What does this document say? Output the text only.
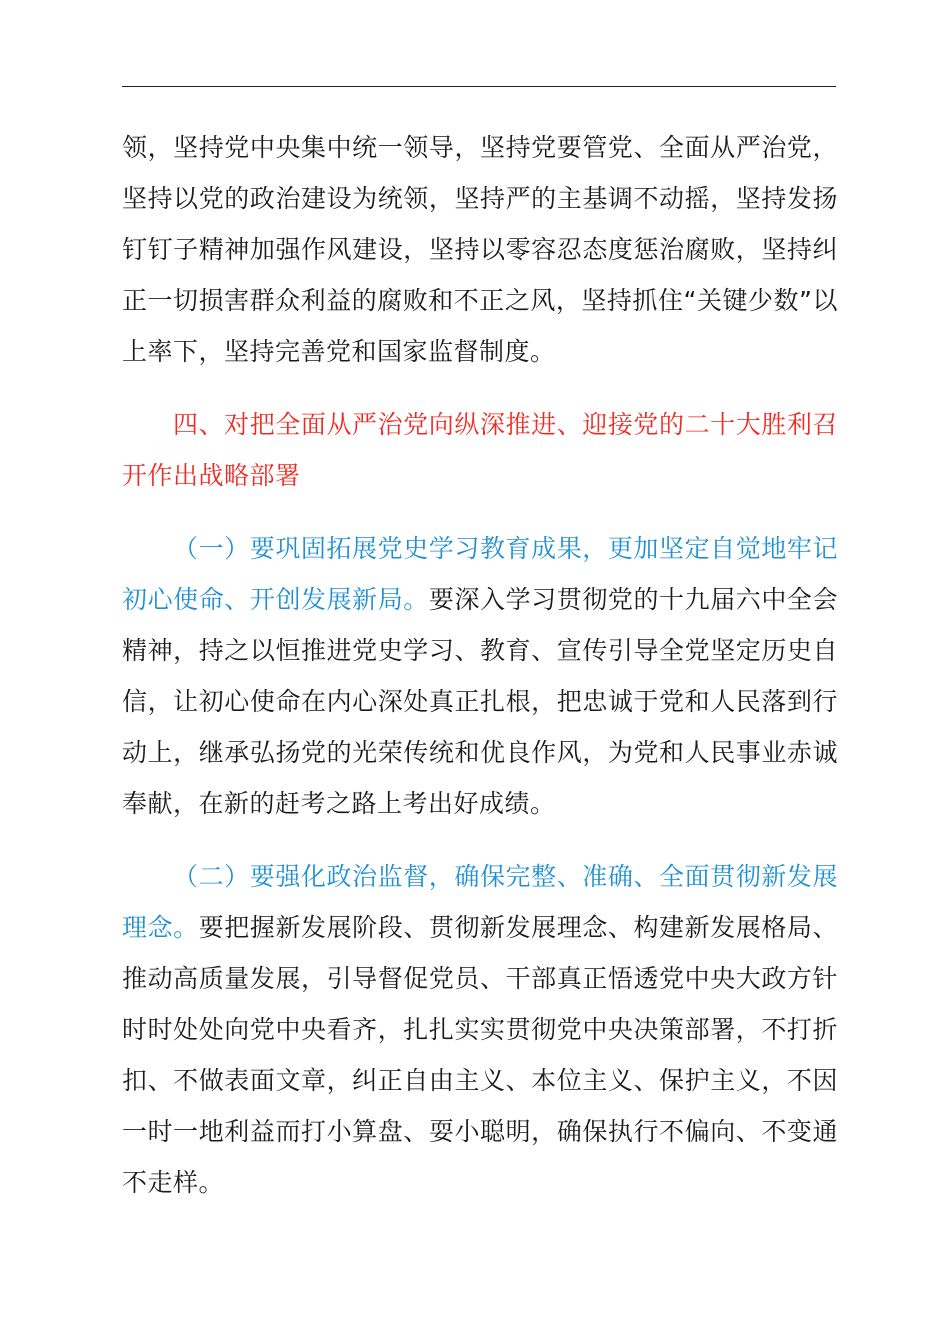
领，坚持党中央集中统一领导，坚持党要管党、全面从严治党，坚持以党的政治建设为统领，坚持严的主基调不动摇，坚持发扬钉钉子精神加强作风建设，坚持以零容忍态度惩治腐败，坚持纠正一切损害群众利益的腐败和不正之风，坚持抓住“关键少数”以上率下，坚持完善党和国家监督制度。

四、对把全面从严治党向纵深推进、迎接党的二十大胜利召开作出战略部署

（一）要巩固拓展党史学习教育成果，更加坚定自觉地牢记初心使命、开创发展新局。要深入学习贯彻党的十九届六中全会精神，持之以恒推进党史学习、教育、宣传引导全党坚定历史自信，让初心使命在内心深处真正扎根，把忠诚于党和人民落到行动上，继承弘扬党的光荣传统和优良作风，为党和人民事业赤诚奉献，在新的赶考之路上考出好成绩。

（二）要强化政治监督，确保完整、准确、全面贯彻新发展理念。要把握新发展阶段、贯彻新发展理念、构建新发展格局、推动高质量发展，引导督促党员、干部真正悟透党中央大政方针时时处处向党中央看齐，扎扎实实贯彻党中央决策部署，不打折扣、不做表面文章，纠正自由主义、本位主义、保护主义，不因一时一地利益而打小算盘、耍小聪明，确保执行不偏向、不变通不走样。
